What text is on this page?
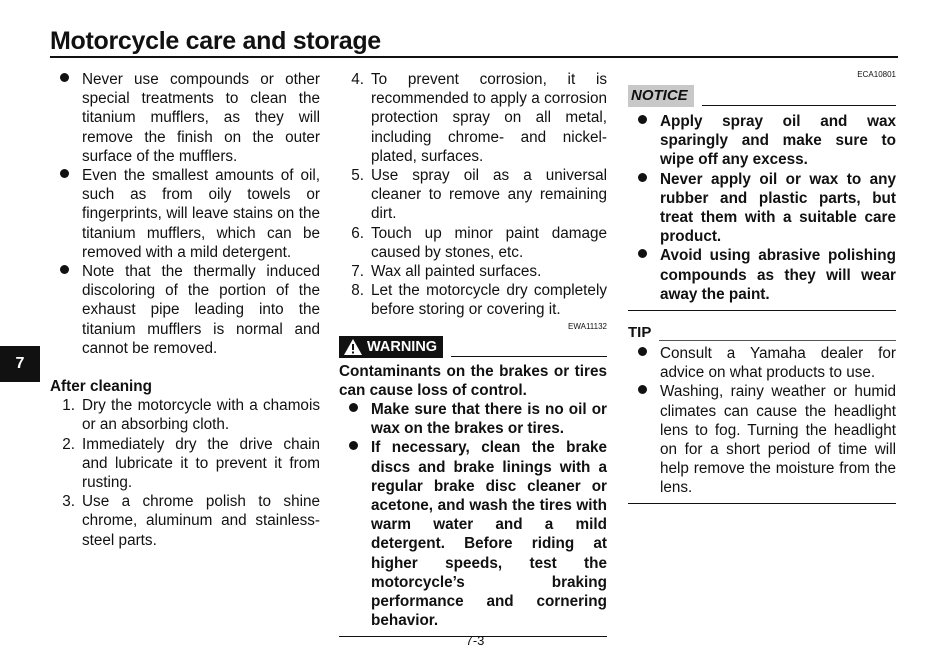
Motorcycle care and storage
7
Never use compounds or other special treatments to clean the titanium mufflers, as they will remove the finish on the outer surface of the mufflers.
Even the smallest amounts of oil, such as from oily towels or fingerprints, will leave stains on the titanium mufflers, which can be removed with a mild detergent.
Note that the thermally induced discoloring of the portion of the exhaust pipe leading into the titanium mufflers is normal and cannot be removed.
After cleaning
1. Dry the motorcycle with a chamois or an absorbing cloth.
2. Immediately dry the drive chain and lubricate it to prevent it from rusting.
3. Use a chrome polish to shine chrome, aluminum and stainless-steel parts.
4. To prevent corrosion, it is recommended to apply a corrosion protection spray on all metal, including chrome- and nickel-plated, surfaces.
5. Use spray oil as a universal cleaner to remove any remaining dirt.
6. Touch up minor paint damage caused by stones, etc.
7. Wax all painted surfaces.
8. Let the motorcycle dry completely before storing or covering it.
EWA11132
WARNING
Contaminants on the brakes or tires can cause loss of control.
Make sure that there is no oil or wax on the brakes or tires.
If necessary, clean the brake discs and brake linings with a regular brake disc cleaner or acetone, and wash the tires with warm water and a mild detergent. Before riding at higher speeds, test the motorcycle’s braking performance and cornering behavior.
ECA10801
NOTICE
Apply spray oil and wax sparingly and make sure to wipe off any excess.
Never apply oil or wax to any rubber and plastic parts, but treat them with a suitable care product.
Avoid using abrasive polishing compounds as they will wear away the paint.
TIP
Consult a Yamaha dealer for advice on what products to use.
Washing, rainy weather or humid climates can cause the headlight lens to fog. Turning the headlight on for a short period of time will help remove the moisture from the lens.
7-3
